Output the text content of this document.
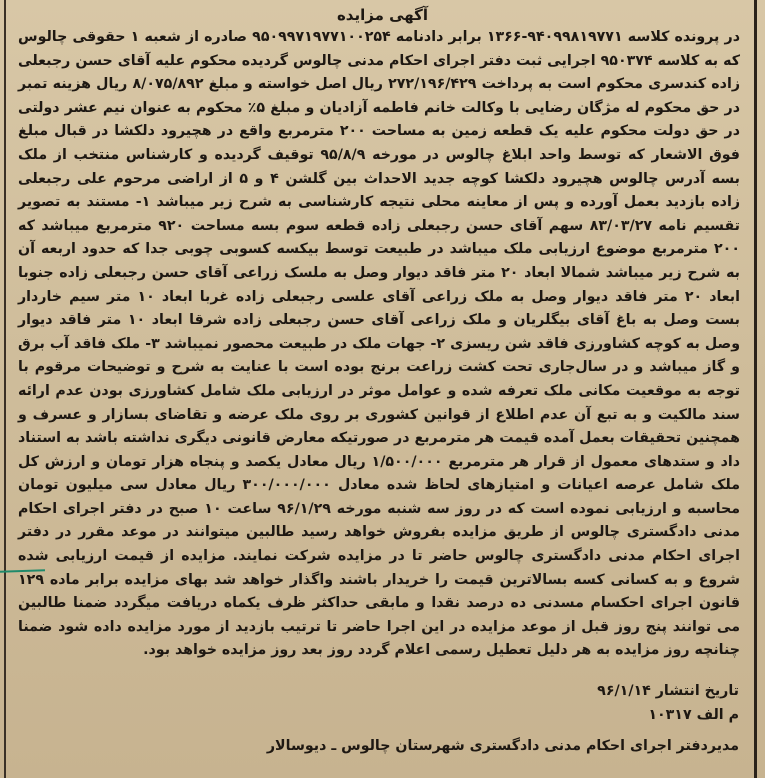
آگهی مزایده

در پرونده کلاسه ۹۴۰۹۹۸۱۹۷۷۱-۱۳۶۶ برابر دادنامه ۹۵۰۹۹۷۱۹۷۷۱۰۰۲۵۴ صادره از شعبه ۱ حقوقی چالوس که به کلاسه ۹۵۰۳۷۴ اجرایی ثبت دفتر اجرای احکام مدنی چالوس گردیده محکوم علیه آقای حسن رجبعلی زاده کندسری محکوم است به پرداخت ۲۷۲/۱۹۶/۴۲۹ ریال اصل خواسته و مبلغ ۸/۰۷۵/۸۹۲ ریال هزینه تمبر در حق محکوم له مژگان رضایی با وکالت خانم فاطمه آزادیان و مبلغ ۵٪ محکوم به عنوان نیم عشر دولتی در حق دولت محکوم علیه یک قطعه زمین به مساحت ۲۰۰ مترمربع واقع در هچیرود دلکشا در قبال مبلغ فوق الاشعار که توسط واحد ابلاغ چالوس در مورخه ۹۵/۸/۹ توقیف گردیده و کارشناس منتخب از ملک بسه آدرس چالوس هچیرود دلکشا کوچه جدید الاحداث بین گلشن ۴ و ۵ از اراضی مرحوم علی رجبعلی زاده بازدید بعمل آورده و پس از معاینه محلی نتیجه کارشناسی به شرح زیر میباشد ۱- مستند به تصویر تقسیم نامه ۸۳/۰۳/۲۷ سهم آقای حسن رجبعلی زاده قطعه سوم بسه مساحت ۹۲۰ مترمربع میباشد که ۲۰۰ مترمربع موضوع ارزیابی ملک میباشد در طبیعت توسط بیکسه کسوبی چوبی جدا که حدود اربعه آن به شرح زیر میباشد شمالا ابعاد ۲۰ متر فاقد دیوار وصل به ملسک زراعی آقای حسن رجبعلی زاده جنوبا ابعاد ۲۰ متر فاقد دیوار وصل به ملک زراعی آقای علسی رجبعلی زاده غربا ابعاد ۱۰ متر سیم خاردار بست وصل به باغ آقای بیگلریان و ملک زراعی آقای حسن رجبعلی زاده شرقا ابعاد ۱۰ متر فاقد دیوار وصل به کوچه کشاورزی فاقد شن ریسزی ۲- جهات ملک در طبیعت محصور نمیباشد ۳- ملک فاقد آب برق و گاز میباشد و در سال‌جاری تحت کشت زراعت برنج بوده است با عنایت به شرح و توضیحات مرقوم با توجه به موقعیت مکانی ملک تعرفه شده و عوامل موثر در ارزیابی ملک شامل کشاورزی بودن عدم ارائه سند مالکیت و به تبع آن عدم اطلاع از قوانین کشوری بر روی ملک عرضه و تقاضای بسازار و عسرف و همچنین تحقیقات بعمل آمده قیمت هر مترمربع در صورتیکه معارض قانونی دیگری نداشته باشد به استناد داد و ستدهای معمول از قرار هر مترمربع ۱/۵۰۰/۰۰۰ ریال معادل یکصد و پنجاه هزار تومان و ارزش کل ملک شامل عرصه اعیانات و امتیازهای لحاظ شده معادل ۳۰۰/۰۰۰/۰۰۰ ریال معادل سی میلیون تومان محاسبه و ارزیابی نموده است که در روز سه شنبه مورخه ۹۶/۱/۲۹ ساعت ۱۰ صبح در دفتر اجرای احکام مدنی دادگستری چالوس از طریق مزایده بفروش خواهد رسید طالبین میتوانند در موعد مقرر در دفتر اجرای احکام مدنی دادگستری چالوس حاضر تا در مزایده شرکت نمایند. مزایده از قیمت ارزیابی شده شروع و به کسانی کسه بسالاترین قیمت را خریدار باشند واگذار خواهد شد بهای مزایده برابر ماده ۱۲۹ قانون اجرای احکسام مسدنی ده درصد نقدا و مابقی حداکثر ظرف یکماه دریافت میگردد ضمنا طالبین می توانند پنج روز قبل از موعد مزایده در این اجرا حاضر تا ترتیب بازدید از مورد مزایده داده شود ضمنا چنانچه روز مزایده به هر دلیل تعطیل رسمی اعلام گردد روز بعد روز مزایده خواهد بود.

تاریخ انتشار ۹۶/۱/۱۴
م الف ۱۰۳۱۷
مدیردفتر اجرای احکام مدنی دادگستری شهرستان چالوس ـ دیوسالار
